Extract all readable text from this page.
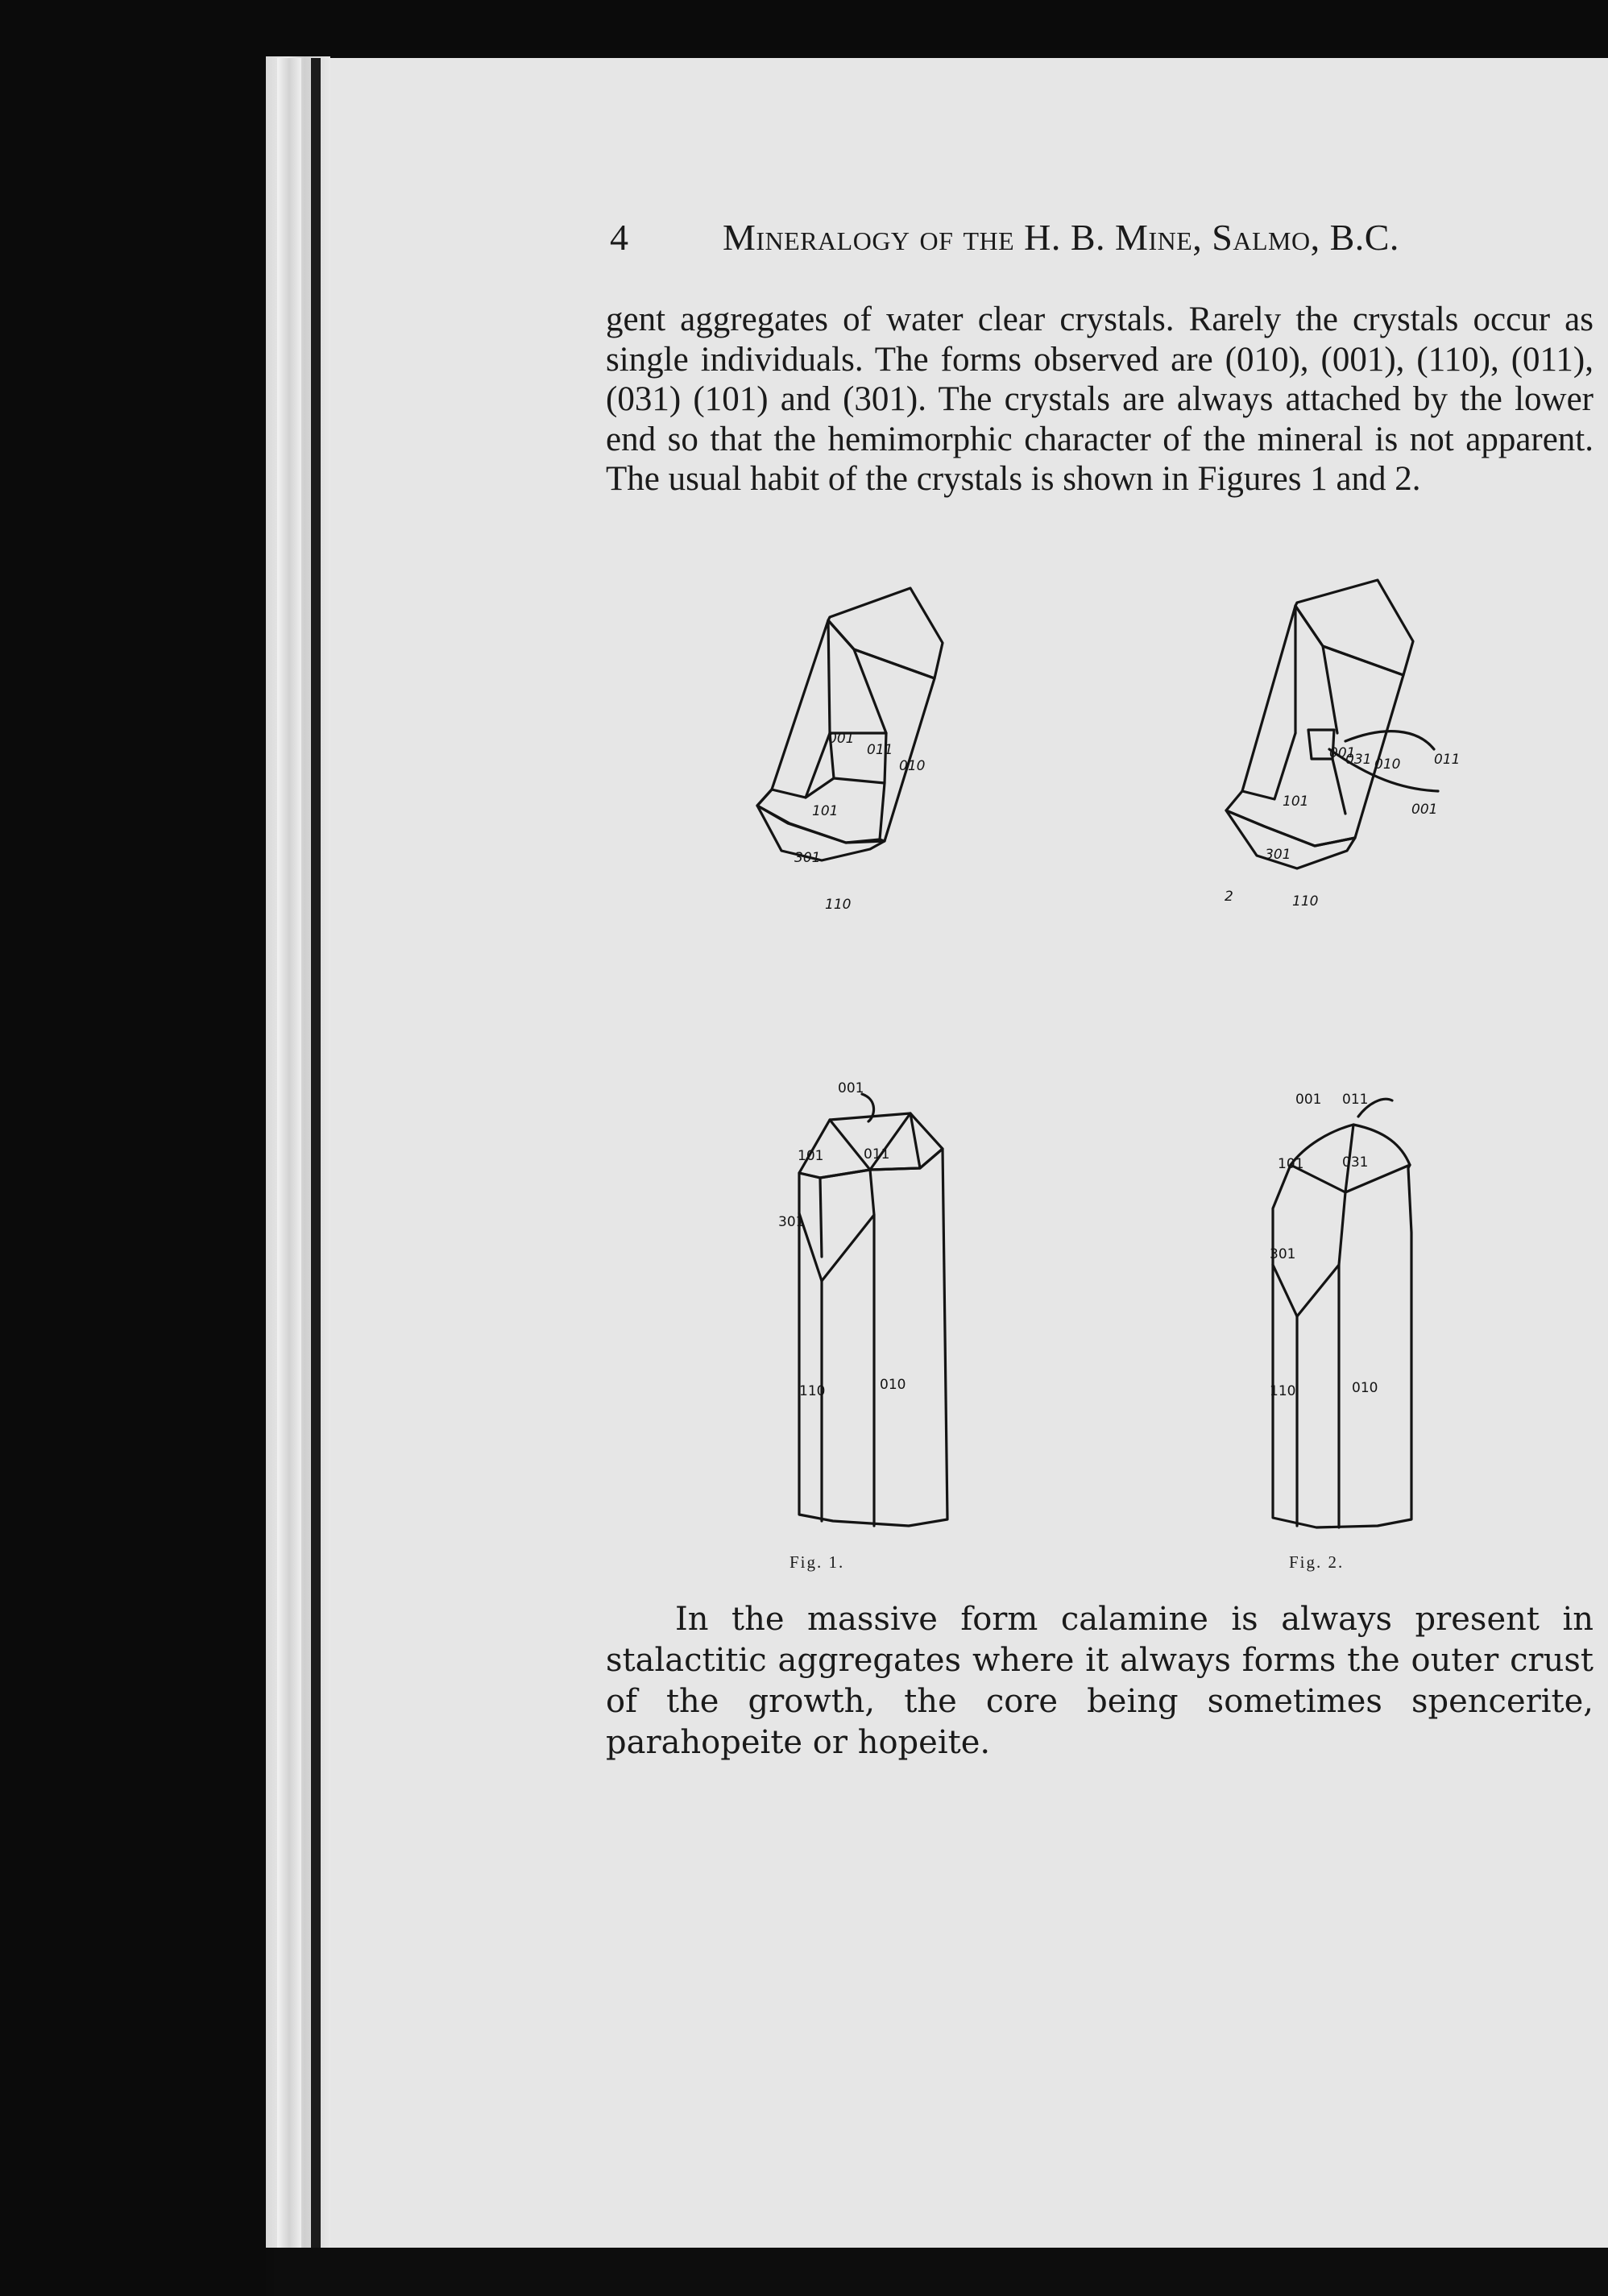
4	Mineralogy of the H. B. Mine, Salmo, B.C.

gent aggregates of water clear crystals. Rarely the crystals occur as single individuals. The forms observed are (010), (001), (110), (011), (031) (101) and (301). The crystals are always attached by the lower end so that the hemimorphic character of the mineral is not apparent. The usual habit of the crystals is shown in Figures 1 and 2.

001
011
010
101
301
110
001
031 010 011
101
301
110
001
2
001
101	011
301
110	010
001 011
101	031
301
110	010
Fig. 1.	Fig. 2.

In the massive form calamine is always present in stalactitic aggregates where it always forms the outer crust of the growth, the core being sometimes spencerite, parahopeite or hopeite.
